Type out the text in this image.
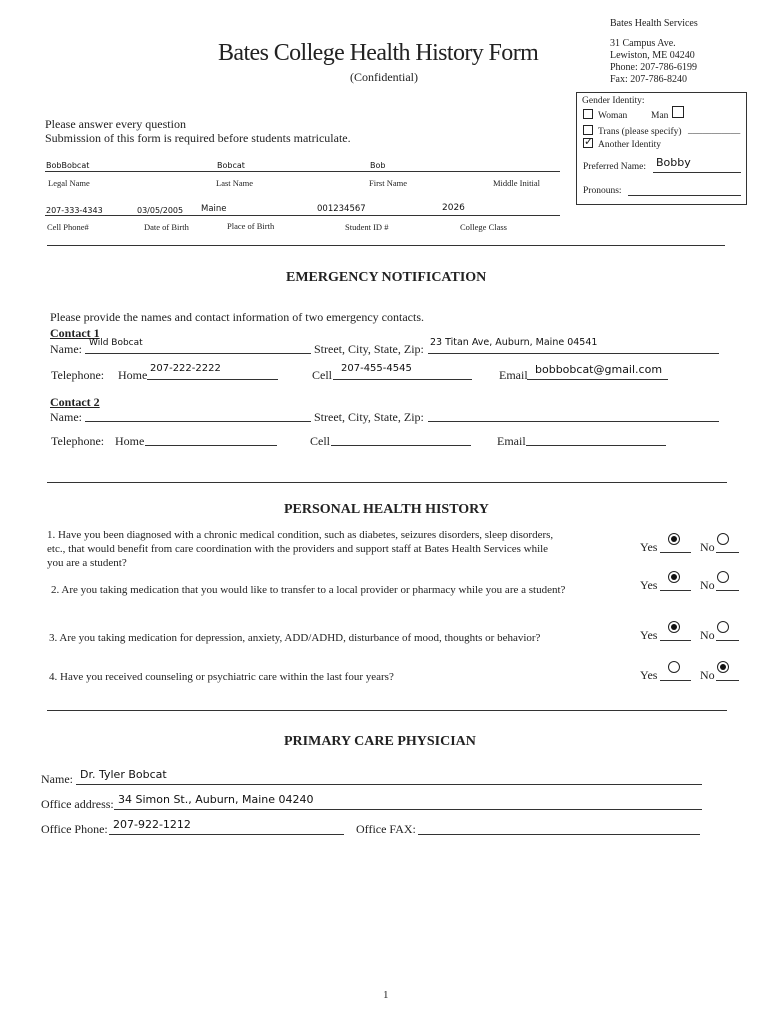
Bates College Health History Form
(Confidential)
Bates Health Services
31 Campus Ave.
Lewiston, ME 04240
Phone: 207-786-6199
Fax: 207-786-8240
Please answer every question
Submission of this form is required before students matriculate.
BobBobcat	Bobcat	Bob
Legal Name	Last Name	First Name	Middle Initial
207-333-4343	03/05/2005 Maine	001234567	2026
Cell Phone#	Date of Birth	Place of Birth	Student ID #	College Class
Gender Identity:
Woman Man
Trans (please specify) ___________
✓
Another Identity
Preferred Name: Bobby
Pronouns:
EMERGENCY NOTIFICATION
Please provide the names and contact information of two emergency contacts.
Contact 1
Name: Wild Bobcat	Street, City, State, Zip: 23 Titan Ave, Auburn, Maine 04541
Telephone: Home 207-222-2222	Cell 207-455-4545	Email bobbobcat@gmail.com
Contact 2
Name:	Street, City, State, Zip:
Telephone: Home	Cell	Email
PERSONAL HEALTH HISTORY
1. Have you been diagnosed with a chronic medical condition, such as diabetes, seizures disorders, sleep disorders,
etc., that would benefit from care coordination with the providers and support staff at Bates Health Services while
you are a student?
2. Are you taking medication that you would like to transfer to a local provider or pharmacy while you are a student?
3. Are you taking medication for depression, anxiety, ADD/ADHD, disturbance of mood, thoughts or behavior?
4. Have you received counseling or psychiatric care within the last four years?
Yes	No
Yes	No
Yes	No
Yes	No
PRIMARY CARE PHYSICIAN
Name: Dr. Tyler Bobcat
Office address: 34 Simon St., Auburn, Maine 04240
Office Phone: 207-922-1212	Office FAX:
1
